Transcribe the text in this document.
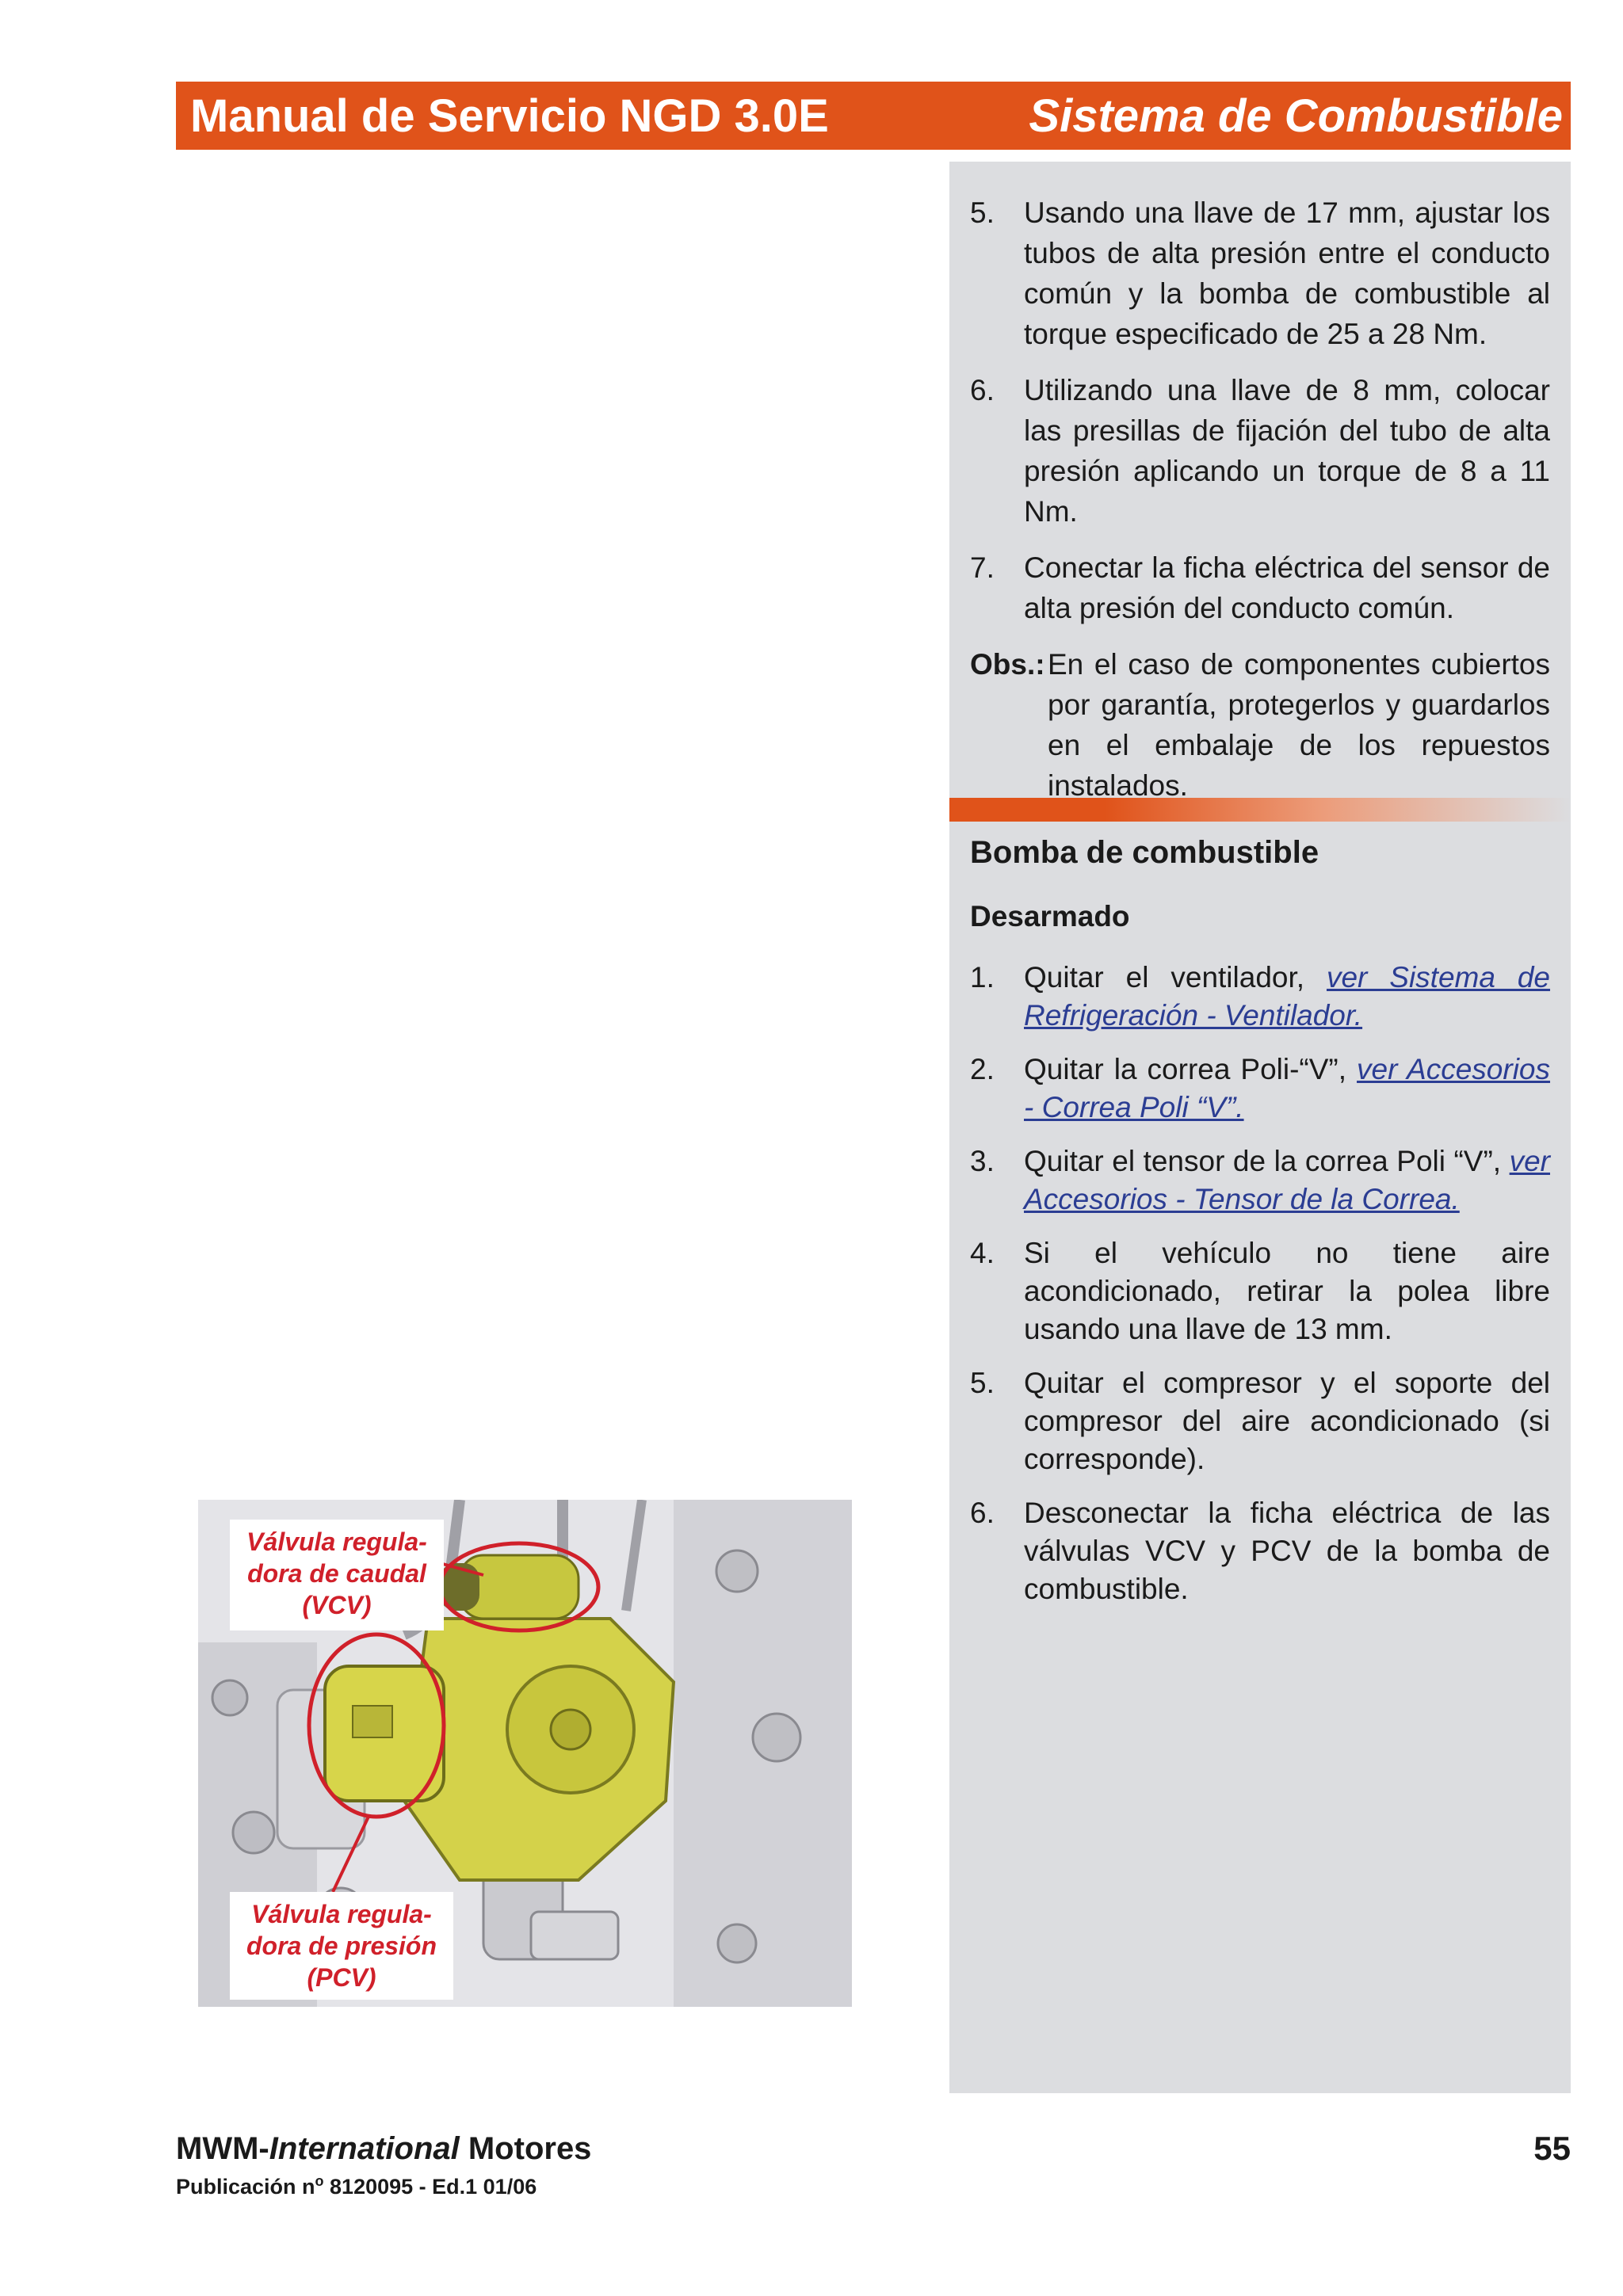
Manual de Servicio NGD 3.0E	Sistema de Combustible
5.	Usando una llave de 17 mm, ajustar los tubos de alta presión entre el conducto común y la bomba de combustible al torque especificado de 25 a 28 Nm.
6.	Utilizando una llave de 8 mm, colocar las presillas de fijación del tubo de alta presión aplicando un torque de 8 a 11 Nm.
7.	Conectar la ficha eléctrica del sensor de alta presión del conducto común.
Obs.: En el caso de componentes cubiertos por garantía, protegerlos y guardarlos en el embalaje de los repuestos instalados.
Bomba de combustible
Desarmado
1.	Quitar el ventilador, ver Sistema de Refrigeración - Ventilador.
2.	Quitar la correa Poli-“V”, ver Accesorios - Correa Poli “V”.
3.	Quitar el tensor de la correa Poli “V”, ver Accesorios - Tensor de la Correa.
4.	Si el vehículo no tiene aire acondicionado, retirar la polea libre usando una llave de 13 mm.
5.	Quitar el compresor y el soporte del compresor del aire acondicionado (si corresponde).
6.	Desconectar la ficha eléctrica de las válvulas VCV y PCV de la bomba de combustible.
Válvula regula-
dora de caudal
(VCV)
Válvula regula-
dora de presión
(PCV)
MWM-International Motores
Publicación $n^o$ 8120095 - Ed.1 01/06
55
